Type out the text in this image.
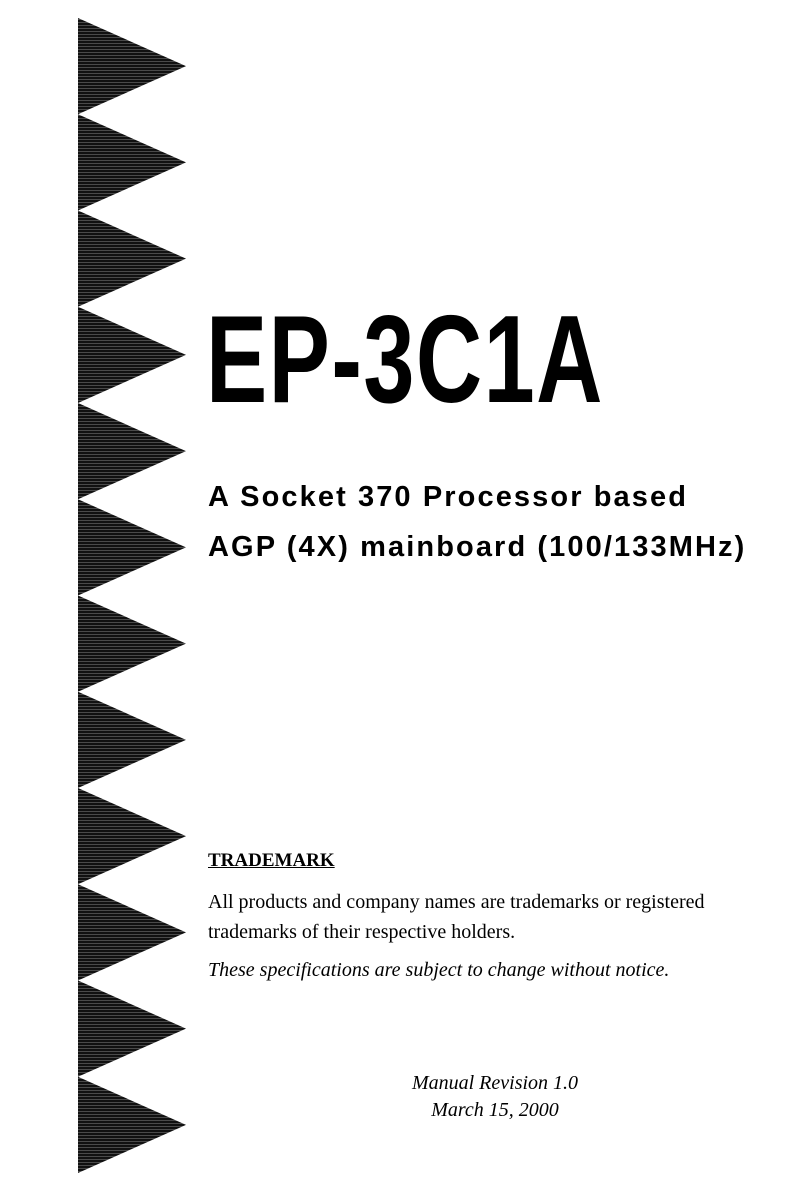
EP-3C1A

A Socket 370 Processor based

AGP (4X) mainboard (100/133MHz)

TRADEMARK

All products and company names are trademarks or registered

trademarks of their respective holders.

These specifications are subject to change without notice.

Manual Revision 1.0

March 15, 2000
